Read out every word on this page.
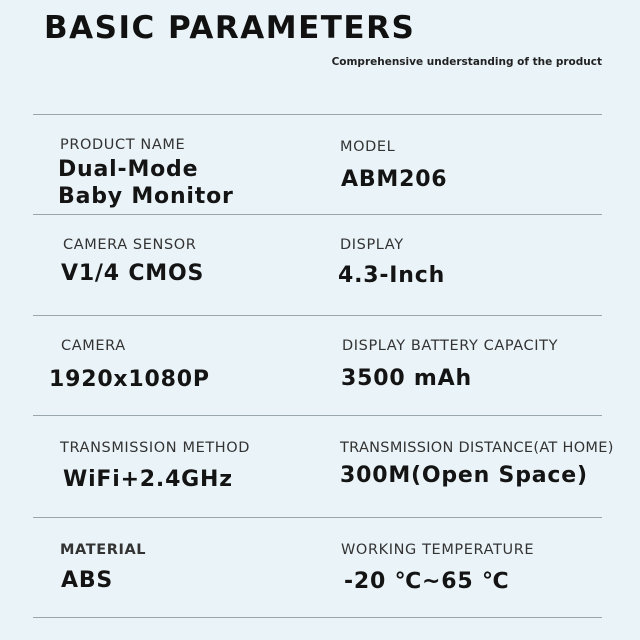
BASIC PARAMETERS
Comprehensive understanding of the product
PRODUCT NAME
Dual-Mode
Baby Monitor
MODEL
ABM206
CAMERA SENSOR
V1/4 CMOS
DISPLAY
4.3-Inch
CAMERA
1920x1080P
DISPLAY BATTERY CAPACITY
3500 mAh
TRANSMISSION METHOD
WiFi+2.4GHz
TRANSMISSION DISTANCE(AT HOME)
300M(Open Space)
MATERIAL
ABS
WORKING TEMPERATURE
-20 ℃~65 ℃
